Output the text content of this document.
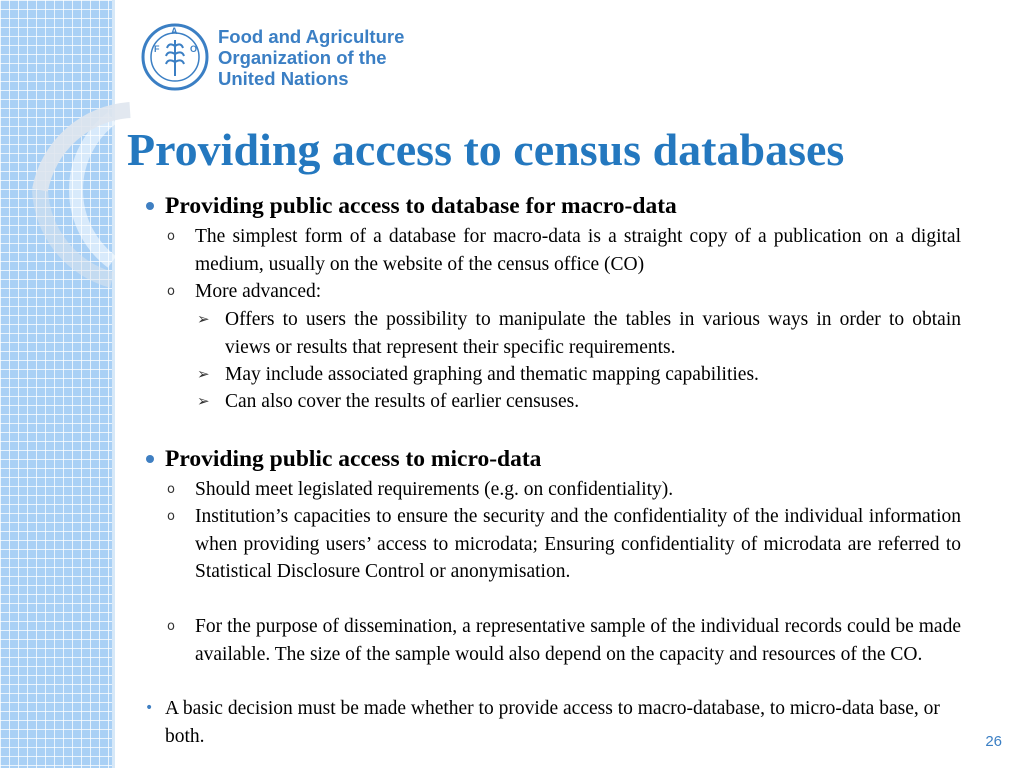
F
A
O
Food and Agriculture
Organization of the
United Nations
Providing access to census databases
Providing public access to database for macro-data
o The simplest form of a database for macro-data is a straight copy of a publication on a digital medium, usually on the website of the census office (CO)
o More advanced:
➢ Offers to users the possibility to manipulate the tables in various ways in order to obtain views or results that represent their specific requirements.
➢ May include associated graphing and thematic mapping capabilities.
➢ Can also cover the results of earlier censuses.
Providing public access to micro-data
o Should meet legislated requirements (e.g. on confidentiality).
o Institution’s capacities to ensure the security and the confidentiality of the individual information when providing users’ access to microdata; Ensuring confidentiality of microdata are referred to Statistical Disclosure Control or anonymisation.
o For the purpose of dissemination, a representative sample of the individual records could be made available. The size of the sample would also depend on the capacity and resources of the CO.
• A basic decision must be made whether to provide access to macro-database, to micro-data base, or both.	26
